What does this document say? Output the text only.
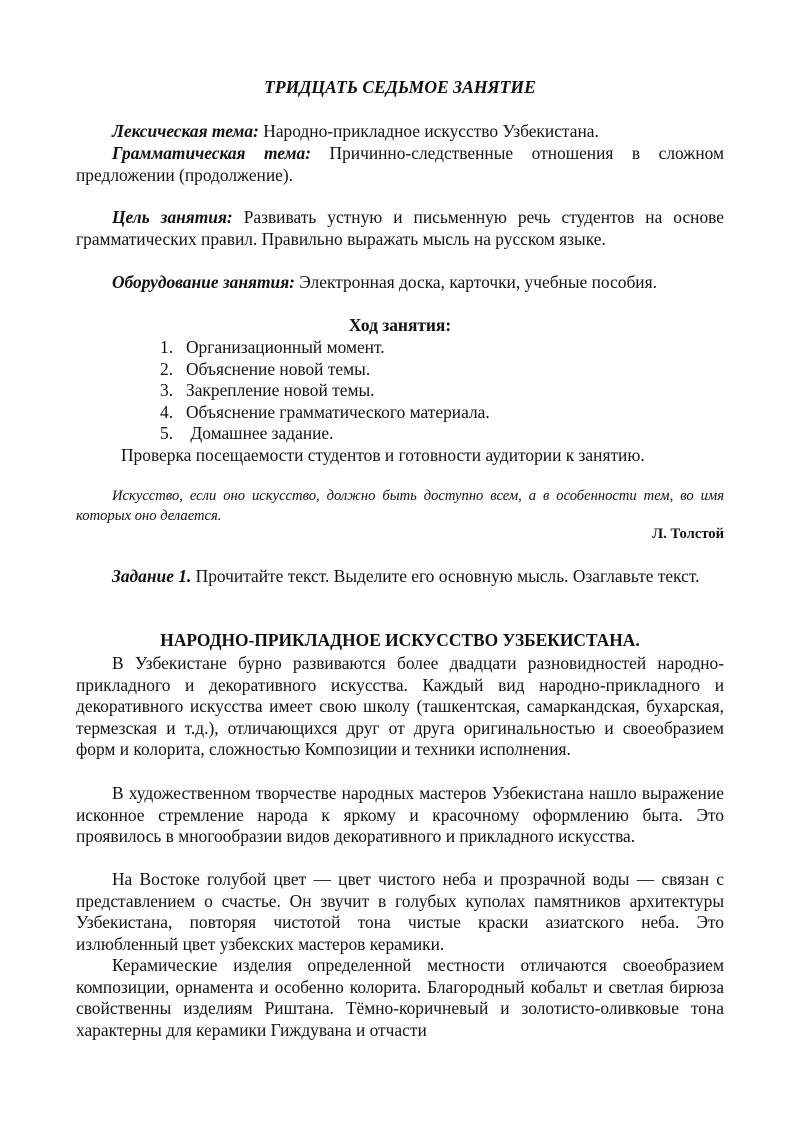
ТРИДЦАТЬ СЕДЬМОЕ ЗАНЯТИЕ

Лексическая тема: Народно-прикладное искусство Узбекистана.

Грамматическая тема: Причинно-следственные отношения в сложном предложении (продолжение).

Цель занятия: Развивать устную и письменную речь студентов на основе грамматических правил. Правильно выражать мысль на русском языке.

Оборудование занятия: Электронная доска, карточки, учебные пособия.

Ход занятия:

1. Организационный момент.
2. Объяснение новой темы.
3. Закрепление новой темы.
4. Объяснение грамматического материала.
5. Домашнее задание.

Проверка посещаемости студентов и готовности аудитории к занятию.

Искусство, если оно искусство, должно быть доступно всем, а в особенности тем, во имя которых оно делается.

Л. Толстой

Задание 1. Прочитайте текст. Выделите его основную мысль. Озаглавьте текст.

НАРОДНО-ПРИКЛАДНОЕ ИСКУССТВО УЗБЕКИСТАНА.

В Узбекистане бурно развиваются более двадцати разновидностей народно-прикладного и декоративного искусства. Каждый вид народно-прикладного и декоративного искусства имеет свою школу (ташкентская, самаркандская, бухарская, термезская и т.д.), отличающихся друг от друга оригинальностью и своеобразием форм и колорита, сложностью Композиции и техники исполнения.

В художественном творчестве народных мастеров Узбекистана нашло выражение исконное стремление народа к яркому и красочному оформлению быта. Это проявилось в многообразии видов декоративного и прикладного искусства.

На Востоке голубой цвет — цвет чистого неба и прозрачной воды — связан с представлением о счастье. Он звучит в голубых куполах памятников архитектуры Узбекистана, повторяя чистотой тона чистые краски азиатского неба. Это излюбленный цвет узбекских мастеров керамики.

Керамические изделия определенной местности отличаются своеобразием композиции, орнамента и особенно колорита. Благородный кобальт и светлая бирюза свойственны изделиям Риштана. Тёмно-коричневый и золотисто-оливковые тона характерны для керамики Гиждувана и отчасти
